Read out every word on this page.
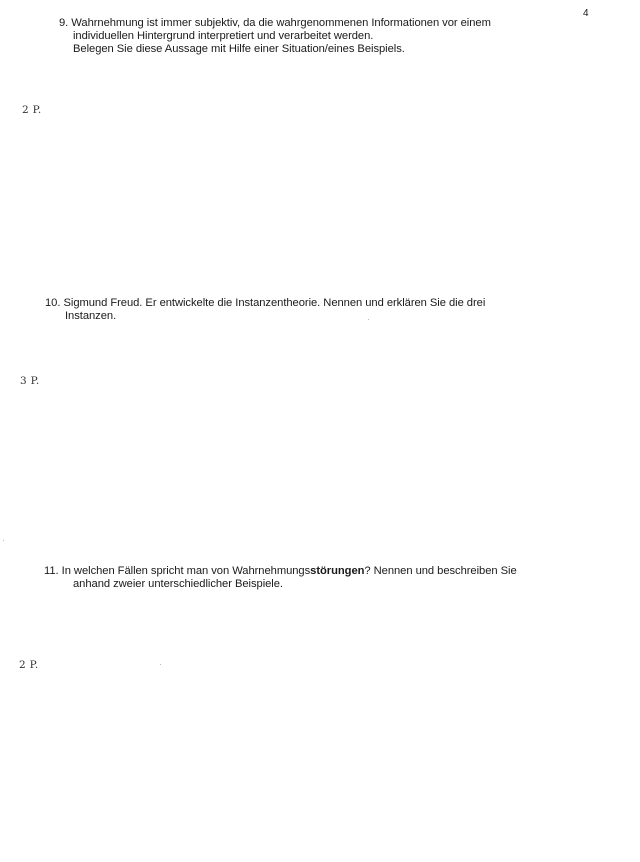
4
9. Wahrnehmung ist immer subjektiv, da die wahrgenommenen Informationen vor einem
individuellen Hintergrund interpretiert und verarbeitet werden.
Belegen Sie diese Aussage mit Hilfe einer Situation/eines Beispiels.
2 P.
10. Sigmund Freud. Er entwickelte die Instanzentheorie. Nennen und erklären Sie die drei
Instanzen.
3 P.
11. In welchen Fällen spricht man von Wahrnehmungsstörungen? Nennen und beschreiben Sie
anhand zweier unterschiedlicher Beispiele.
2 P.
